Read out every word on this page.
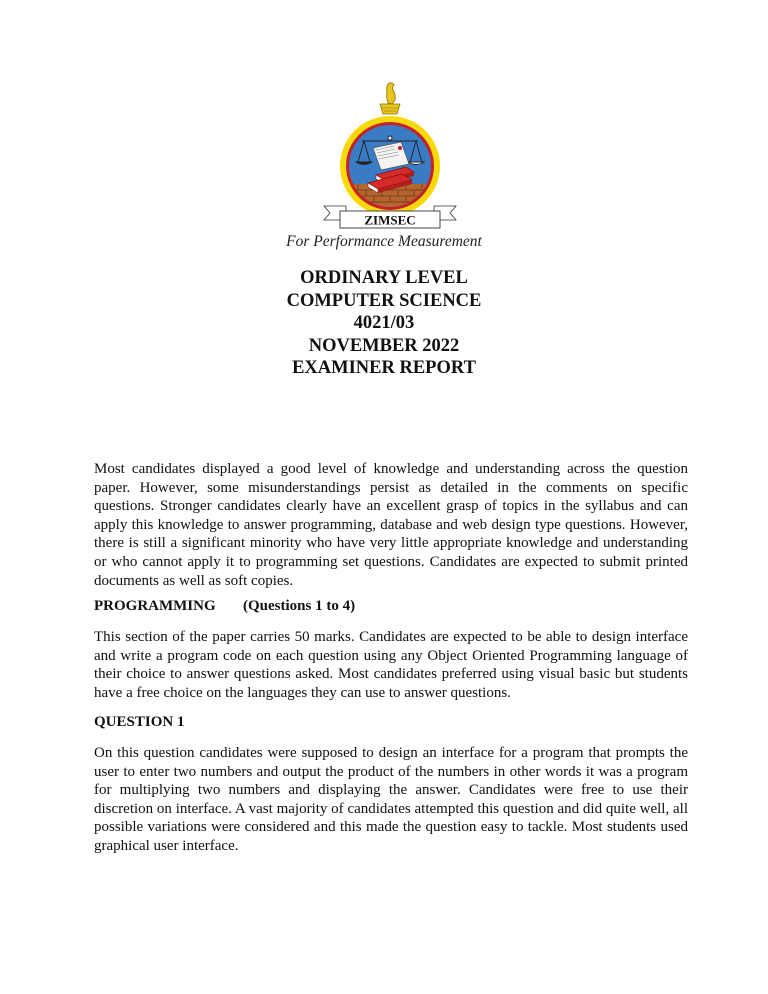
ZIMSEC
For Performance Measurement
ORDINARY LEVEL
COMPUTER SCIENCE
4021/03
NOVEMBER 2022
EXAMINER REPORT

Most candidates displayed a good level of knowledge and understanding across the question paper. However, some misunderstandings persist as detailed in the comments on specific questions. Stronger candidates clearly have an excellent grasp of topics in the syllabus and can apply this knowledge to answer programming, database and web design type questions. However, there is still a significant minority who have very little appropriate knowledge and understanding or who cannot apply it to programming set questions. Candidates are expected to submit printed documents as well as soft copies.

PROGRAMMING (Questions 1 to 4)

This section of the paper carries 50 marks. Candidates are expected to be able to design interface and write a program code on each question using any Object Oriented Programming language of their choice to answer questions asked. Most candidates preferred using visual basic but students have a free choice on the languages they can use to answer questions.

QUESTION 1

On this question candidates were supposed to design an interface for a program that prompts the user to enter two numbers and output the product of the numbers in other words it was a program for multiplying two numbers and displaying the answer. Candidates were free to use their discretion on interface. A vast majority of candidates attempted this question and did quite well, all possible variations were considered and this made the question easy to tackle. Most students used graphical user interface.
